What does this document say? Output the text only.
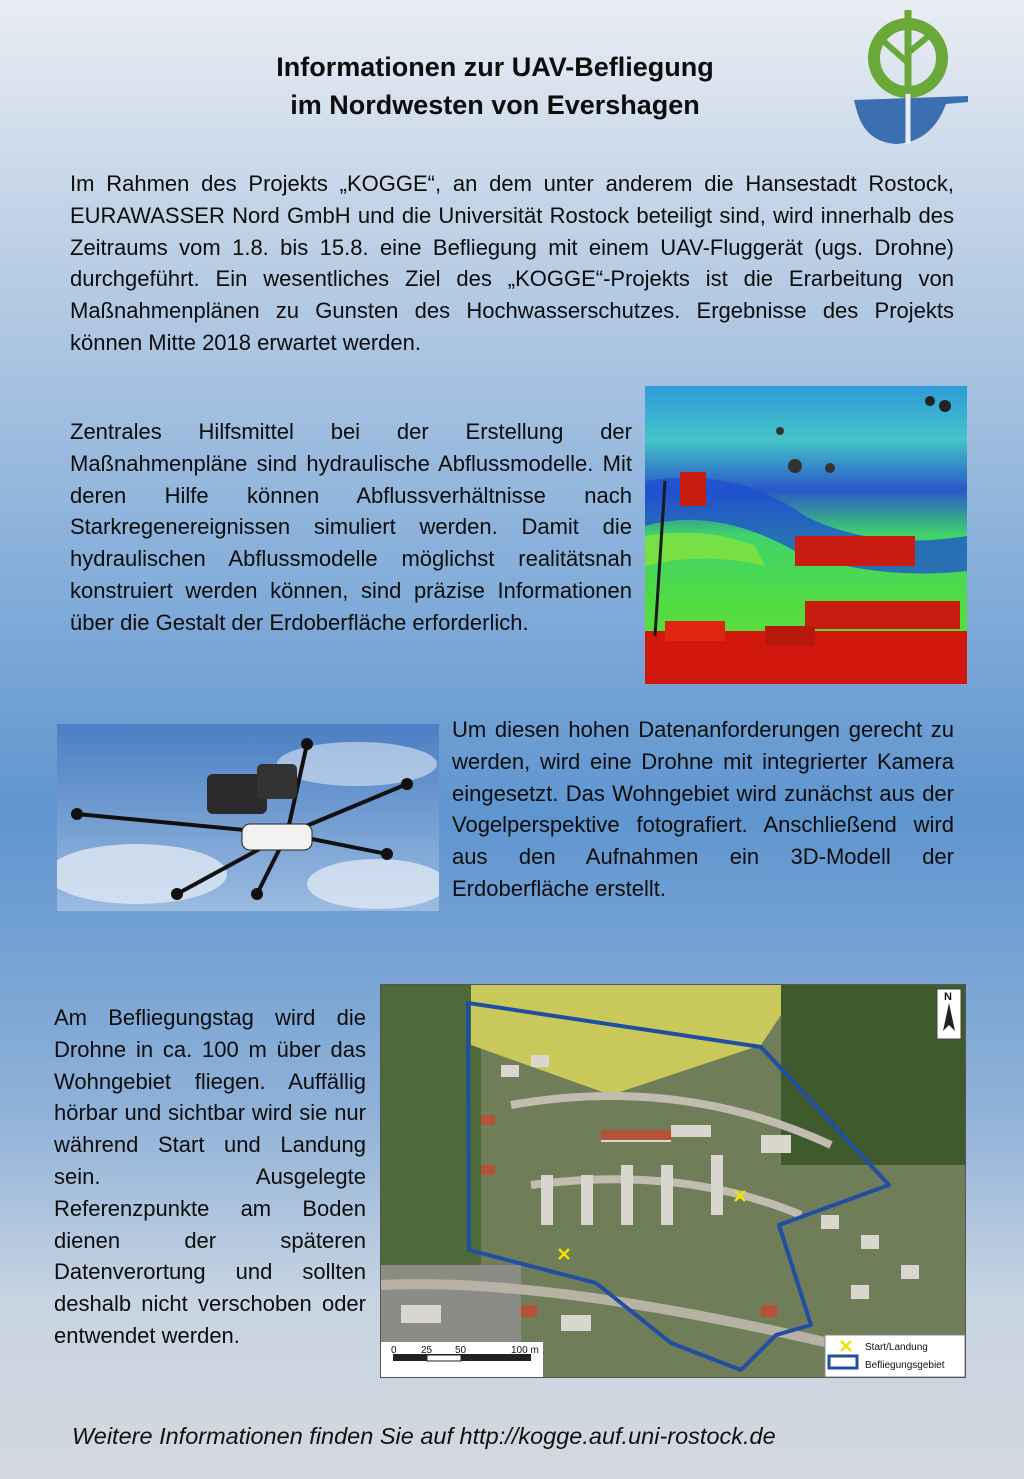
Informationen zur UAV-Befliegung
im Nordwesten von Evershagen
Im Rahmen des Projekts „KOGGE“, an dem unter anderem die Hansestadt Rostock, EURAWASSER Nord GmbH und die Universität Rostock beteiligt sind, wird innerhalb des Zeitraums vom 1.8. bis 15.8. eine Befliegung mit einem UAV-Fluggerät (ugs. Drohne) durchgeführt. Ein wesentliches Ziel des „KOGGE“-Projekts ist die Erarbeitung von Maßnahmenplänen zu Gunsten des Hochwasserschutzes. Ergebnisse des Projekts können Mitte 2018 erwartet werden.
Zentrales Hilfsmittel bei der Erstellung der Maßnahmenpläne sind hydraulische Abflussmodelle. Mit deren Hilfe können Abflussverhältnisse nach Starkregenereignissen simuliert werden. Damit die hydraulischen Abflussmodelle möglichst realitätsnah konstruiert werden können, sind präzise Informationen über die Gestalt der Erdoberfläche erforderlich.
Um diesen hohen Datenanforderungen gerecht zu werden, wird eine Drohne mit integrierter Kamera eingesetzt. Das Wohngebiet wird zunächst aus der Vogelperspektive fotografiert. Anschließend wird aus den Aufnahmen ein 3D-Modell der Erdoberfläche erstellt.
Am Befliegungstag wird die Drohne in ca. 100 m über das Wohngebiet fliegen. Auffällig hörbar und sichtbar wird sie nur während Start und Landung sein. Ausgelegte Referenzpunkte am Boden dienen der späteren Datenverortung und sollten deshalb nicht verschoben oder entwendet werden.
N
0 25 50	100 m	Start/Landung
Befliegungsgebiet
Weitere Informationen finden Sie auf http://kogge.auf.uni-rostock.de
